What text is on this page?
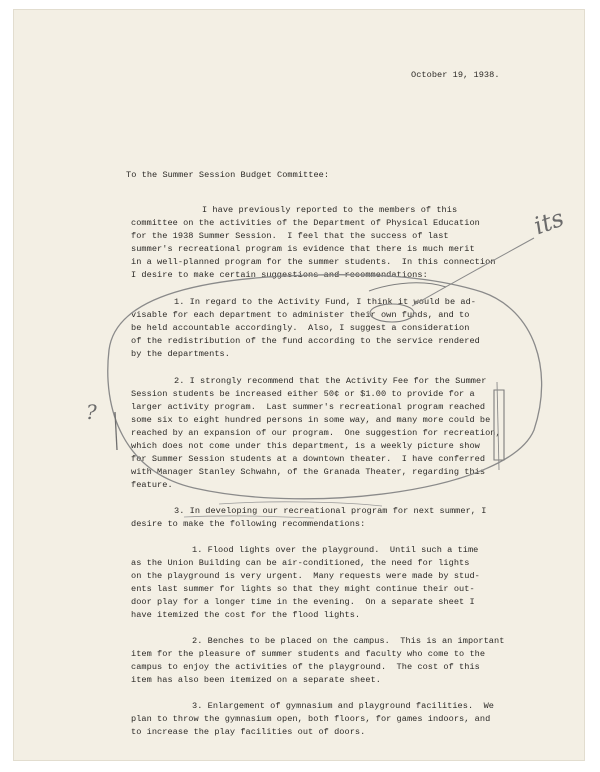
October 19, 1938.
To the Summer Session Budget Committee:
I have previously reported to the members of this
committee on the activities of the Department of Physical Education
for the 1938 Summer Session.  I feel that the success of last
summer's recreational program is evidence that there is much merit
in a well-planned program for the summer students.  In this connection
I desire to make certain suggestions and recommendations:
1. In regard to the Activity Fund, I think it would be ad-
visable for each department to administer their own funds, and to
be held accountable accordingly.  Also, I suggest a consideration
of the redistribution of the fund according to the service rendered
by the departments.
2. I strongly recommend that the Activity Fee for the Summer
Session students be increased either 50¢ or $1.00 to provide for a
larger activity program.  Last summer's recreational program reached
some six to eight hundred persons in some way, and many more could be
reached by an expansion of our program.  One suggestion for recreation,
which does not come under this department, is a weekly picture show
for Summer Session students at a downtown theater.  I have conferred
with Manager Stanley Schwahn, of the Granada Theater, regarding this
feature.
3. In developing our recreational program for next summer, I
desire to make the following recommendations:
1. Flood lights over the playground.  Until such a time
as the Union Building can be air-conditioned, the need for lights
on the playground is very urgent.  Many requests were made by stud-
ents last summer for lights so that they might continue their out-
door play for a longer time in the evening.  On a separate sheet I
have itemized the cost for the flood lights.
2. Benches to be placed on the campus.  This is an important
item for the pleasure of summer students and faculty who come to the
campus to enjoy the activities of the playground.  The cost of this
item has also been itemized on a separate sheet.
3. Enlargement of gymnasium and playground facilities.  We
plan to throw the gymnasium open, both floors, for games indoors, and
to increase the play facilities out of doors.
its
?
